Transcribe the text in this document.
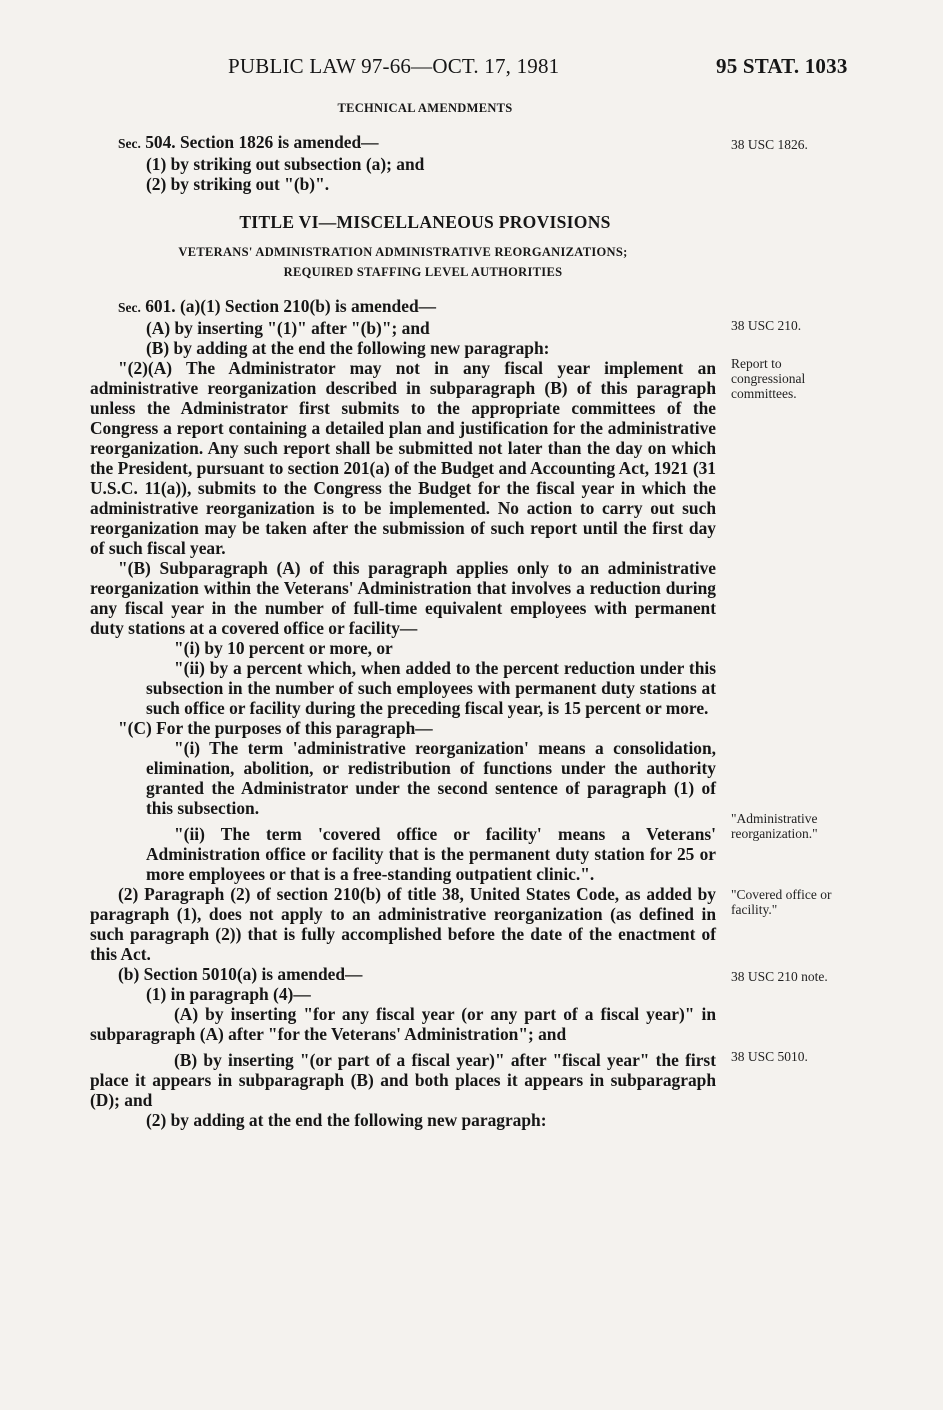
PUBLIC LAW 97-66—OCT. 17, 1981	95 STAT. 1033

TECHNICAL AMENDMENTS

Sec. 504. Section 1826 is amended—

(1) by striking out subsection (a); and

(2) by striking out "(b)".

TITLE VI—MISCELLANEOUS PROVISIONS

VETERANS' ADMINISTRATION ADMINISTRATIVE REORGANIZATIONS;

REQUIRED STAFFING LEVEL AUTHORITIES

Sec. 601. (a)(1) Section 210(b) is amended—

(A) by inserting "(1)" after "(b)"; and

(B) by adding at the end the following new paragraph:

"(2)(A) The Administrator may not in any fiscal year implement an administrative reorganization described in subparagraph (B) of this paragraph unless the Administrator first submits to the appropriate committees of the Congress a report containing a detailed plan and justification for the administrative reorganization. Any such report shall be submitted not later than the day on which the President, pursuant to section 201(a) of the Budget and Accounting Act, 1921 (31 U.S.C. 11(a)), submits to the Congress the Budget for the fiscal year in which the administrative reorganization is to be implemented. No action to carry out such reorganization may be taken after the submission of such report until the first day of such fiscal year.

"(B) Subparagraph (A) of this paragraph applies only to an administrative reorganization within the Veterans' Administration that involves a reduction during any fiscal year in the number of full-time equivalent employees with permanent duty stations at a covered office or facility—

"(i) by 10 percent or more, or

"(ii) by a percent which, when added to the percent reduction under this subsection in the number of such employees with permanent duty stations at such office or facility during the preceding fiscal year, is 15 percent or more.

"(C) For the purposes of this paragraph—

"(i) The term 'administrative reorganization' means a consolidation, elimination, abolition, or redistribution of functions under the authority granted the Administrator under the second sentence of paragraph (1) of this subsection.

"(ii) The term 'covered office or facility' means a Veterans' Administration office or facility that is the permanent duty station for 25 or more employees or that is a free-standing outpatient clinic.".

(2) Paragraph (2) of section 210(b) of title 38, United States Code, as added by paragraph (1), does not apply to an administrative reorganization (as defined in such paragraph (2)) that is fully accomplished before the date of the enactment of this Act.

(b) Section 5010(a) is amended—

(1) in paragraph (4)—

(A) by inserting "for any fiscal year (or any part of a fiscal year)" in subparagraph (A) after "for the Veterans' Administration"; and

(B) by inserting "(or part of a fiscal year)" after "fiscal year" the first place it appears in subparagraph (B) and both places it appears in subparagraph (D); and

(2) by adding at the end the following new paragraph:

38 USC 1826.
38 USC 210.
Report to congressional committees.
"Administrative reorganization."
"Covered office or facility."
38 USC 210 note.
38 USC 5010.
